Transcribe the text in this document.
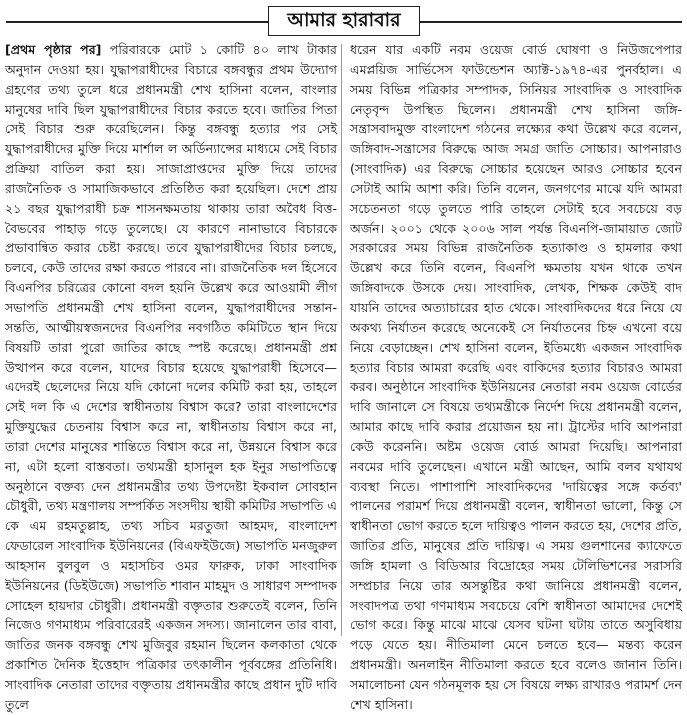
আমার হারাবার

[প্রথম পৃষ্ঠার পর] পরিবারকে মোট ১ কোটি ৪০ লাখ টাকার অনুদান দেওয়া হয়। যুদ্ধাপরাধীদের বিচারে বঙ্গবন্ধুর প্রথম উদ্যোগ গ্রহণের তথ্য তুলে ধরে প্রধানমন্ত্রী শেখ হাসিনা বলেন, বাংলার মানুষের দাবি ছিল যুদ্ধাপরাধীদের বিচার করতে হবে। জাতির পিতা সেই বিচার শুরু করেছিলেন। কিন্তু বঙ্গবন্ধু হত্যার পর সেই যুদ্ধাপরাধীদের মুক্তি দিয়ে মার্শাল ল অর্ডিন্যান্সের মাধ্যমে সেই বিচার প্রক্রিয়া বাতিল করা হয়। সাজাপ্রাপ্তদের মুক্তি দিয়ে তাদের রাজনৈতিক ও সামাজিকভাবে প্রতিষ্ঠিত করা হয়েছিল। দেশে প্রায় ২১ বছর যুদ্ধাপরাধী চক্র শাসনক্ষমতায় থাকায় তারা অবৈধ বিত্ত-বৈভবের পাহাড় গড়ে তুলেছে। যে কারণে নানাভাবে বিচারকে প্রভাবান্বিত করার চেষ্টা করছে। তবে যুদ্ধাপরাধীদের বিচার চলছে, চলবে, কেউ তাদের রক্ষা করতে পারবে না। রাজনৈতিক দল হিসেবে বিএনপির চরিত্রের কোনো বদল হয়নি উল্লেখ করে আওয়ামী লীগ সভাপতি প্রধানমন্ত্রী শেখ হাসিনা বলেন, যুদ্ধাপরাধীদের সন্তান-সন্ততি, আত্মীয়স্বজনদের বিএনপির নবগঠিত কমিটিতে স্থান দিয়ে বিষয়টি তারা পুরো জাতির কাছে স্পষ্ট করেছে। প্রধানমন্ত্রী প্রশ্ন উত্থাপন করে বলেন, যাদের বিচার হয়েছে যুদ্ধাপরাধী হিসেবে— এদেরই ছেলেদের নিয়ে যদি কোনো দলের কমিটি করা হয়, তাহলে সেই দল কি এ দেশের স্বাধীনতায় বিশ্বাস করে? তারা বাংলাদেশের মুক্তিযুদ্ধের চেতনায় বিশ্বাস করে না, স্বাধীনতায় বিশ্বাস করে না, তারা দেশের মানুষের শান্তিতে বিশ্বাস করে না, উন্নয়নে বিশ্বাস করে না, এটা হলো বাস্তবতা। তথ্যমন্ত্রী হাসানুল হক ইনুর সভাপতিত্বে অনুষ্ঠানে বক্তব্য দেন প্রধানমন্ত্রীর তথ্য উপদেষ্টা ইকবাল সোবহান চৌধুরী, তথ্য মন্ত্রণালয় সম্পর্কিত সংসদীয় স্থায়ী কমিটির সভাপতি এ কে এম রহমতুল্লাহ, তথ্য সচিব মরতুজা আহমদ, বাংলাদেশ ফেডারেল সাংবাদিক ইউনিয়নের (বিএফইউজে) সভাপতি মনজুরুল আহসান বুলবুল ও মহাসচিব ওমর ফারুক, ঢাকা সাংবাদিক ইউনিয়নের (ডিইউজে) সভাপতি শাবান মাহমুদ ও সাধারণ সম্পাদক সোহেল হায়দার চৌধুরী। প্রধানমন্ত্রী বক্তৃতার শুরুতেই বলেন, তিনি নিজেও গণমাধ্যম পরিবারেরই একজন সদস্য। জানালেন তার বাবা, জাতির জনক বঙ্গবন্ধু শেখ মুজিবুর রহমান ছিলেন কলকাতা থেকে প্রকাশিত দৈনিক ইত্তেহাদ পত্রিকার তৎকালীন পূর্ববঙ্গের প্রতিনিধি। সাংবাদিক নেতারা তাদের বক্তৃতায় প্রধানমন্ত্রীর কাছে প্রধান দুটি দাবি তুলে

ধরেন যার একটি নবম ওয়েজ বোর্ড ঘোষণা ও নিউজপেপার এমপ্লয়িজ সার্ভিসেস ফাউন্ডেশন অ্যাক্ট-১৯৭৪-এর পুনর্বহাল। এ সময় বিভিন্ন পত্রিকার সম্পাদক, সিনিয়র সাংবাদিক ও সাংবাদিক নেতৃবৃন্দ উপস্থিত ছিলেন। প্রধানমন্ত্রী শেখ হাসিনা জঙ্গি-সন্ত্রাসবাদমুক্ত বাংলাদেশ গঠনের লক্ষ্যের কথা উল্লেখ করে বলেন, জঙ্গিবাদ-সন্ত্রাসের বিরুদ্ধে আজ সমগ্র জাতি সোচ্চার। আপনারাও (সাংবাদিক) এর বিরুদ্ধে সোচ্চার হয়েছেন আরও সোচ্চার হবেন সেটাই আমি আশা করি। তিনি বলেন, জনগণের মাঝে যদি আমরা সচেতনতা গড়ে তুলতে পারি তাহলে সেটাই হবে সবচেয়ে বড় অর্জন। ২০০১ থেকে ২০০৬ সাল পর্যন্ত বিএনপি-জামায়াত জোট সরকারের সময় বিভিন্ন রাজনৈতিক হত্যাকাণ্ড ও হামলার কথা উল্লেখ করে তিনি বলেন, বিএনপি ক্ষমতায় যখন থাকে তখন জঙ্গিবাদকে উসকে দেয়। সাংবাদিক, লেখক, শিক্ষক কেউই বাদ যায়নি তাদের অত্যাচারের হাত থেকে। সাংবাদিকদের ধরে নিয়ে যে অকথ্য নির্যাতন করেছে অনেকেই সে নির্যাতনের চিহ্ন এখনো বয়ে নিয়ে বেড়াচ্ছেন। শেখ হাসিনা বলেন, ইতিমধ্যে একজন সাংবাদিক হত্যার বিচার আমরা করেছি এবং বাকিদের হত্যার বিচারও আমরা করব। অনুষ্ঠানে সাংবাদিক ইউনিয়নের নেতারা নবম ওয়েজ বোর্ডের দাবি জানালে সে বিষয়ে তথ্যমন্ত্রীকে নির্দেশ দিয়ে প্রধানমন্ত্রী বলেন, আমার কাছে দাবি করার প্রয়োজন হয় না। ট্রাস্টের দাবি আপনারা কেউ করেননি। অষ্টম ওয়েজ বোর্ড আমরা দিয়েছি। আপনারা নবমের দাবি তুলেছেন। এখানে মন্ত্রী আছেন, আমি বলব যথাযথ ব্যবস্থা নিতে। পাশাপাশি সাংবাদিকদের 'দায়িত্বের সঙ্গে কর্তব্য' পালনের পরামর্শ দিয়ে প্রধানমন্ত্রী বলেন, স্বাধীনতা ভালো, কিন্তু সে স্বাধীনতা ভোগ করতে হলে দায়িত্বও পালন করতে হয়, দেশের প্রতি, জাতির প্রতি, মানুষের প্রতি দায়িত্ব। এ সময় গুলশানের ক্যাফেতে জঙ্গি হামলা ও বিডিআর বিদ্রোহের সময় টেলিভিশনের সরাসরি সম্প্রচার নিয়ে তার অসন্তুষ্টির কথা জানিয়ে প্রধানমন্ত্রী বলেন, সংবাদপত্র তথা গণমাধ্যম সবচেয়ে বেশি স্বাধীনতা আমাদের দেশেই ভোগ করে। কিন্তু মাঝে মাঝে যেসব ঘটনা ঘটায় তাতে অসুবিধায় পড়ে যেতে হয়। নীতিমালা মেনে চলতে হবে— মন্তব্য করেন প্রধানমন্ত্রী। অনলাইন নীতিমালা করতে হবে বলেও জানান তিনি। সমালোচনা যেন গঠনমূলক হয় সে বিষয়ে লক্ষ্য রাখারও পরামর্শ দেন শেখ হাসিনা।
